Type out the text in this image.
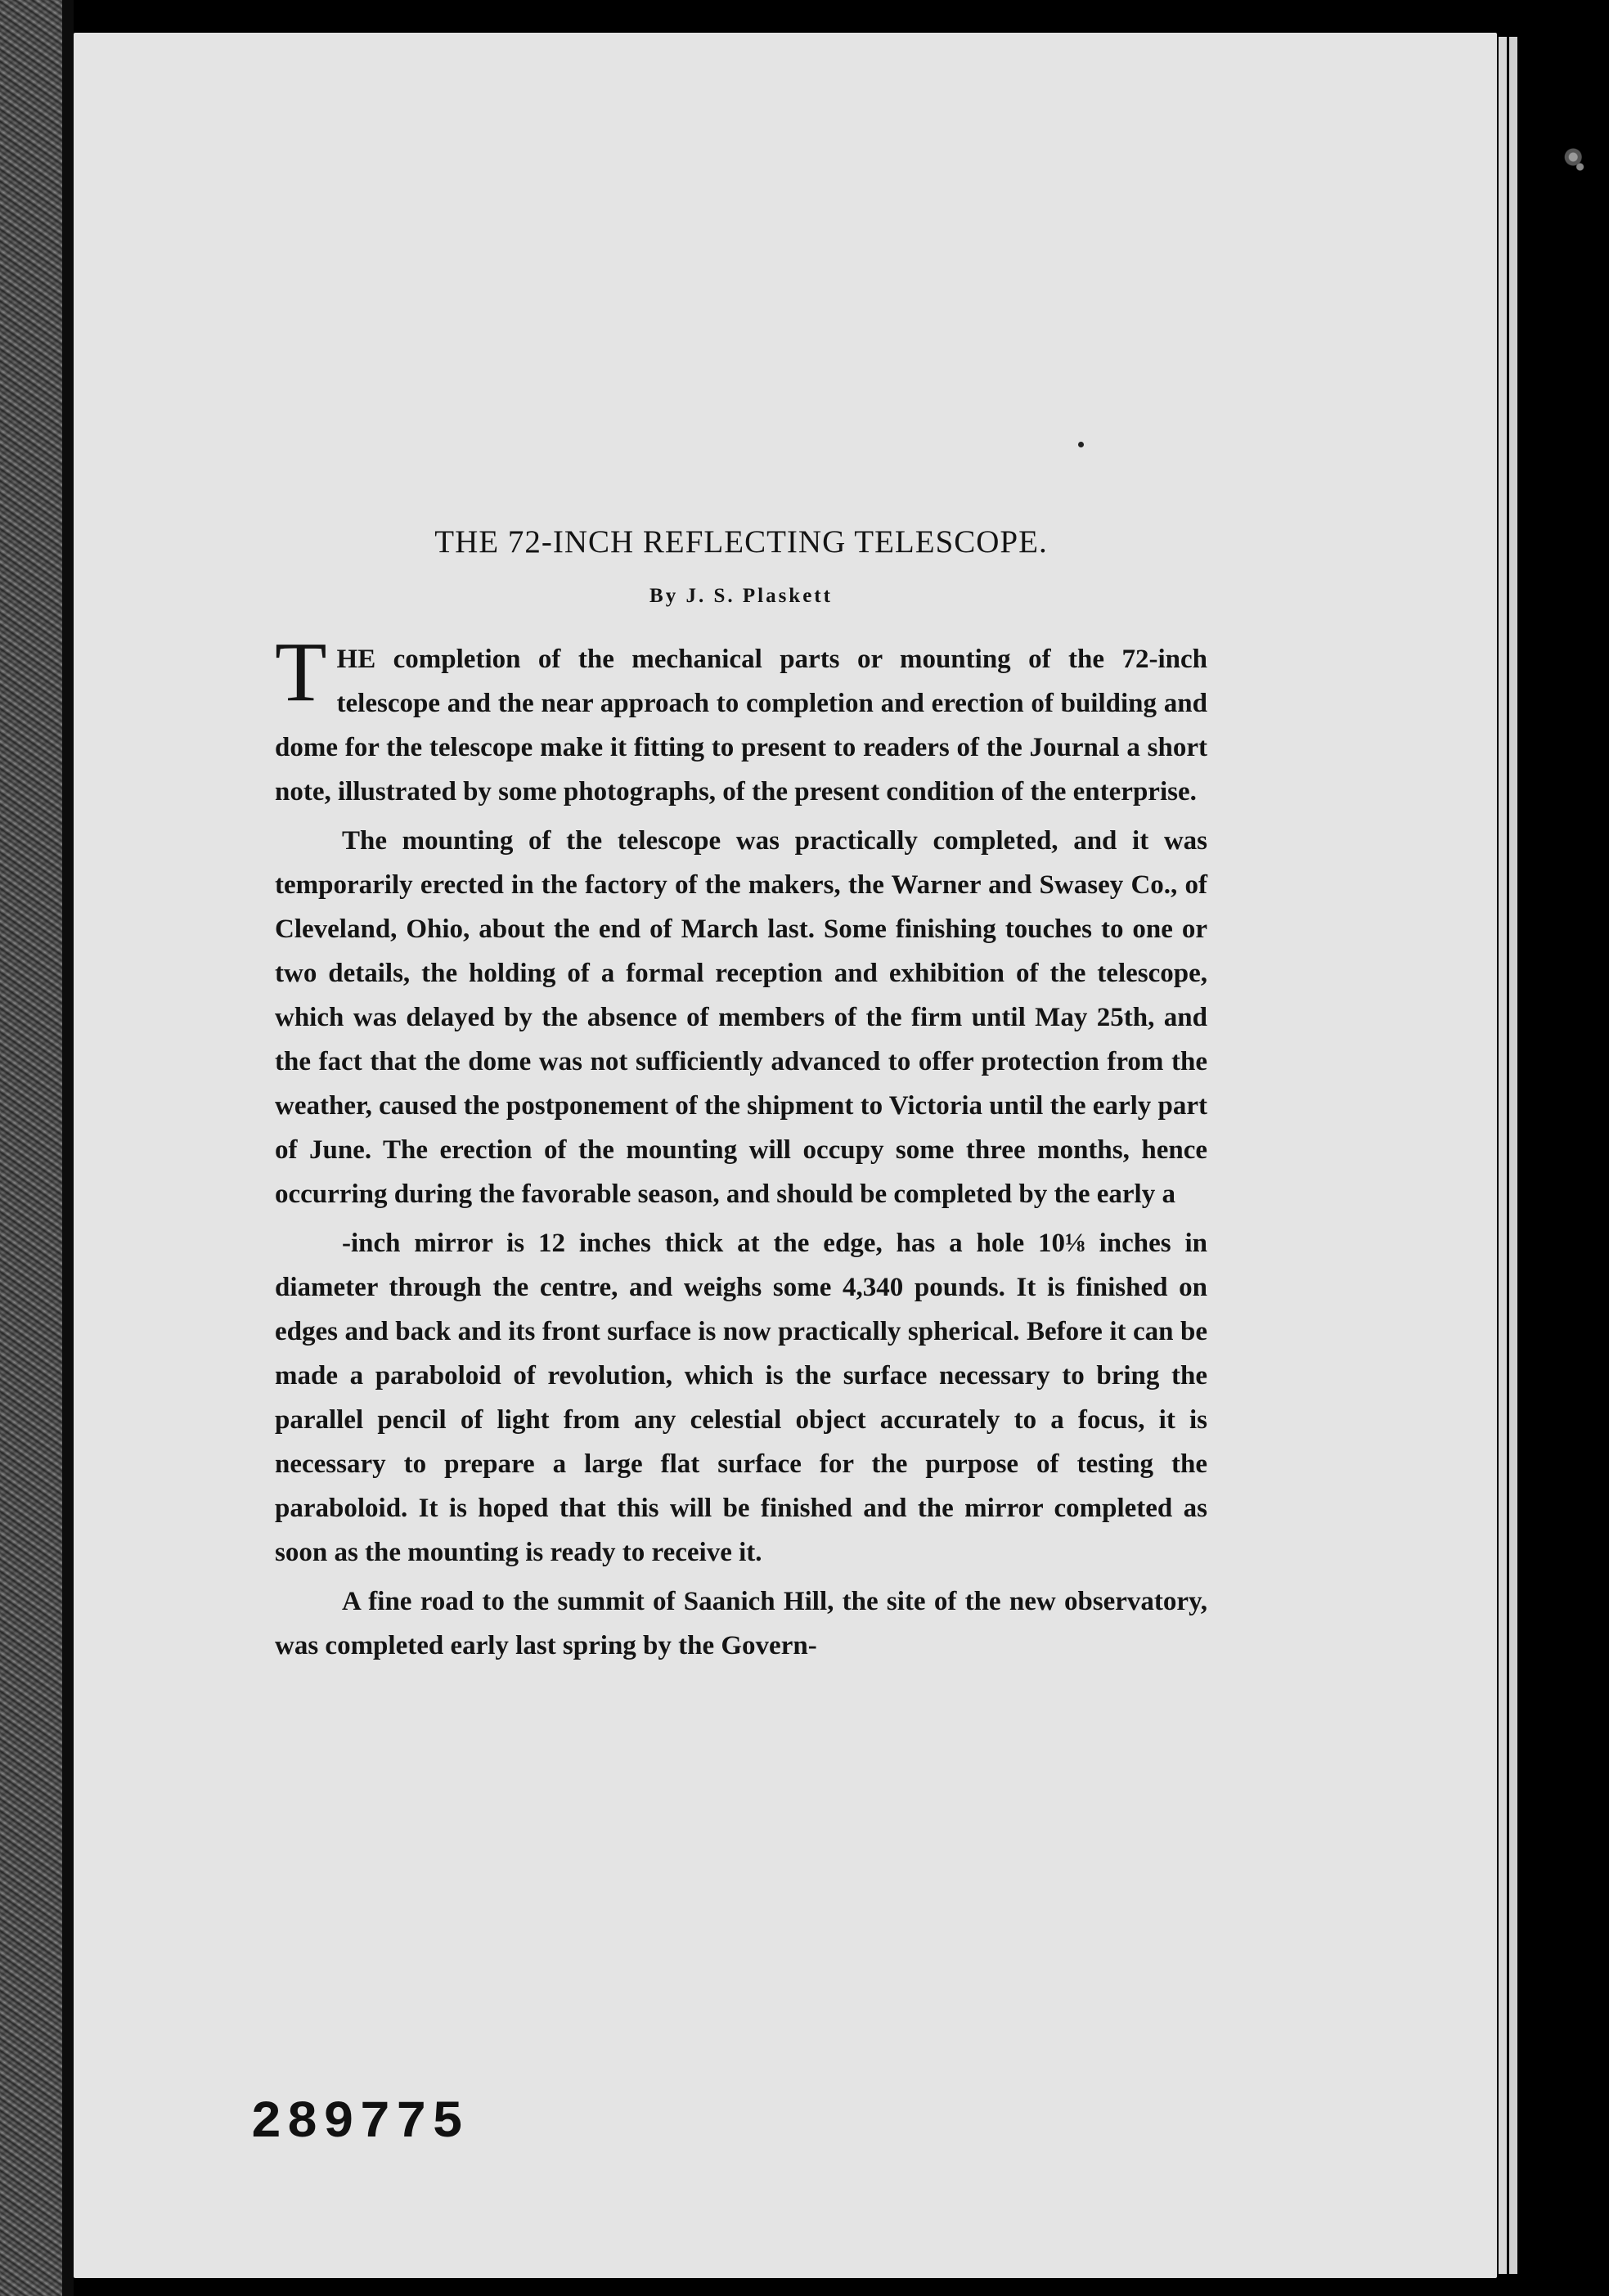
THE 72-INCH REFLECTING TELESCOPE.
By J. S. Plaskett

THE completion of the mechanical parts or mounting of the 72-inch telescope and the near approach to completion and erection of building and dome for the telescope make it fitting to present to readers of the Journal a short note, illustrated by some photographs, of the present condition of the enterprise.

The mounting of the telescope was practically completed, and it was temporarily erected in the factory of the makers, the Warner and Swasey Co., of Cleveland, Ohio, about the end of March last. Some finishing touches to one or two details, the holding of a formal reception and exhibition of the telescope, which was delayed by the absence of members of the firm until May 25th, and the fact that the dome was not sufficiently advanced to offer protection from the weather, caused the postponement of the shipment to Victoria until the early part of June. The erection of the mounting will occupy some three months, hence occurring during the favorable season, and should be completed by the early a

-inch mirror is 12 inches thick at the edge, has a hole 10⅛ inches in diameter through the centre, and weighs some 4,340 pounds. It is finished on edges and back and its front surface is now practically spherical. Before it can be made a paraboloid of revolution, which is the surface necessary to bring the parallel pencil of light from any celestial object accurately to a focus, it is necessary to prepare a large flat surface for the purpose of testing the paraboloid. It is hoped that this will be finished and the mirror completed as soon as the mounting is ready to receive it.

A fine road to the summit of Saanich Hill, the site of the new observatory, was completed early last spring by the Govern-

289775
